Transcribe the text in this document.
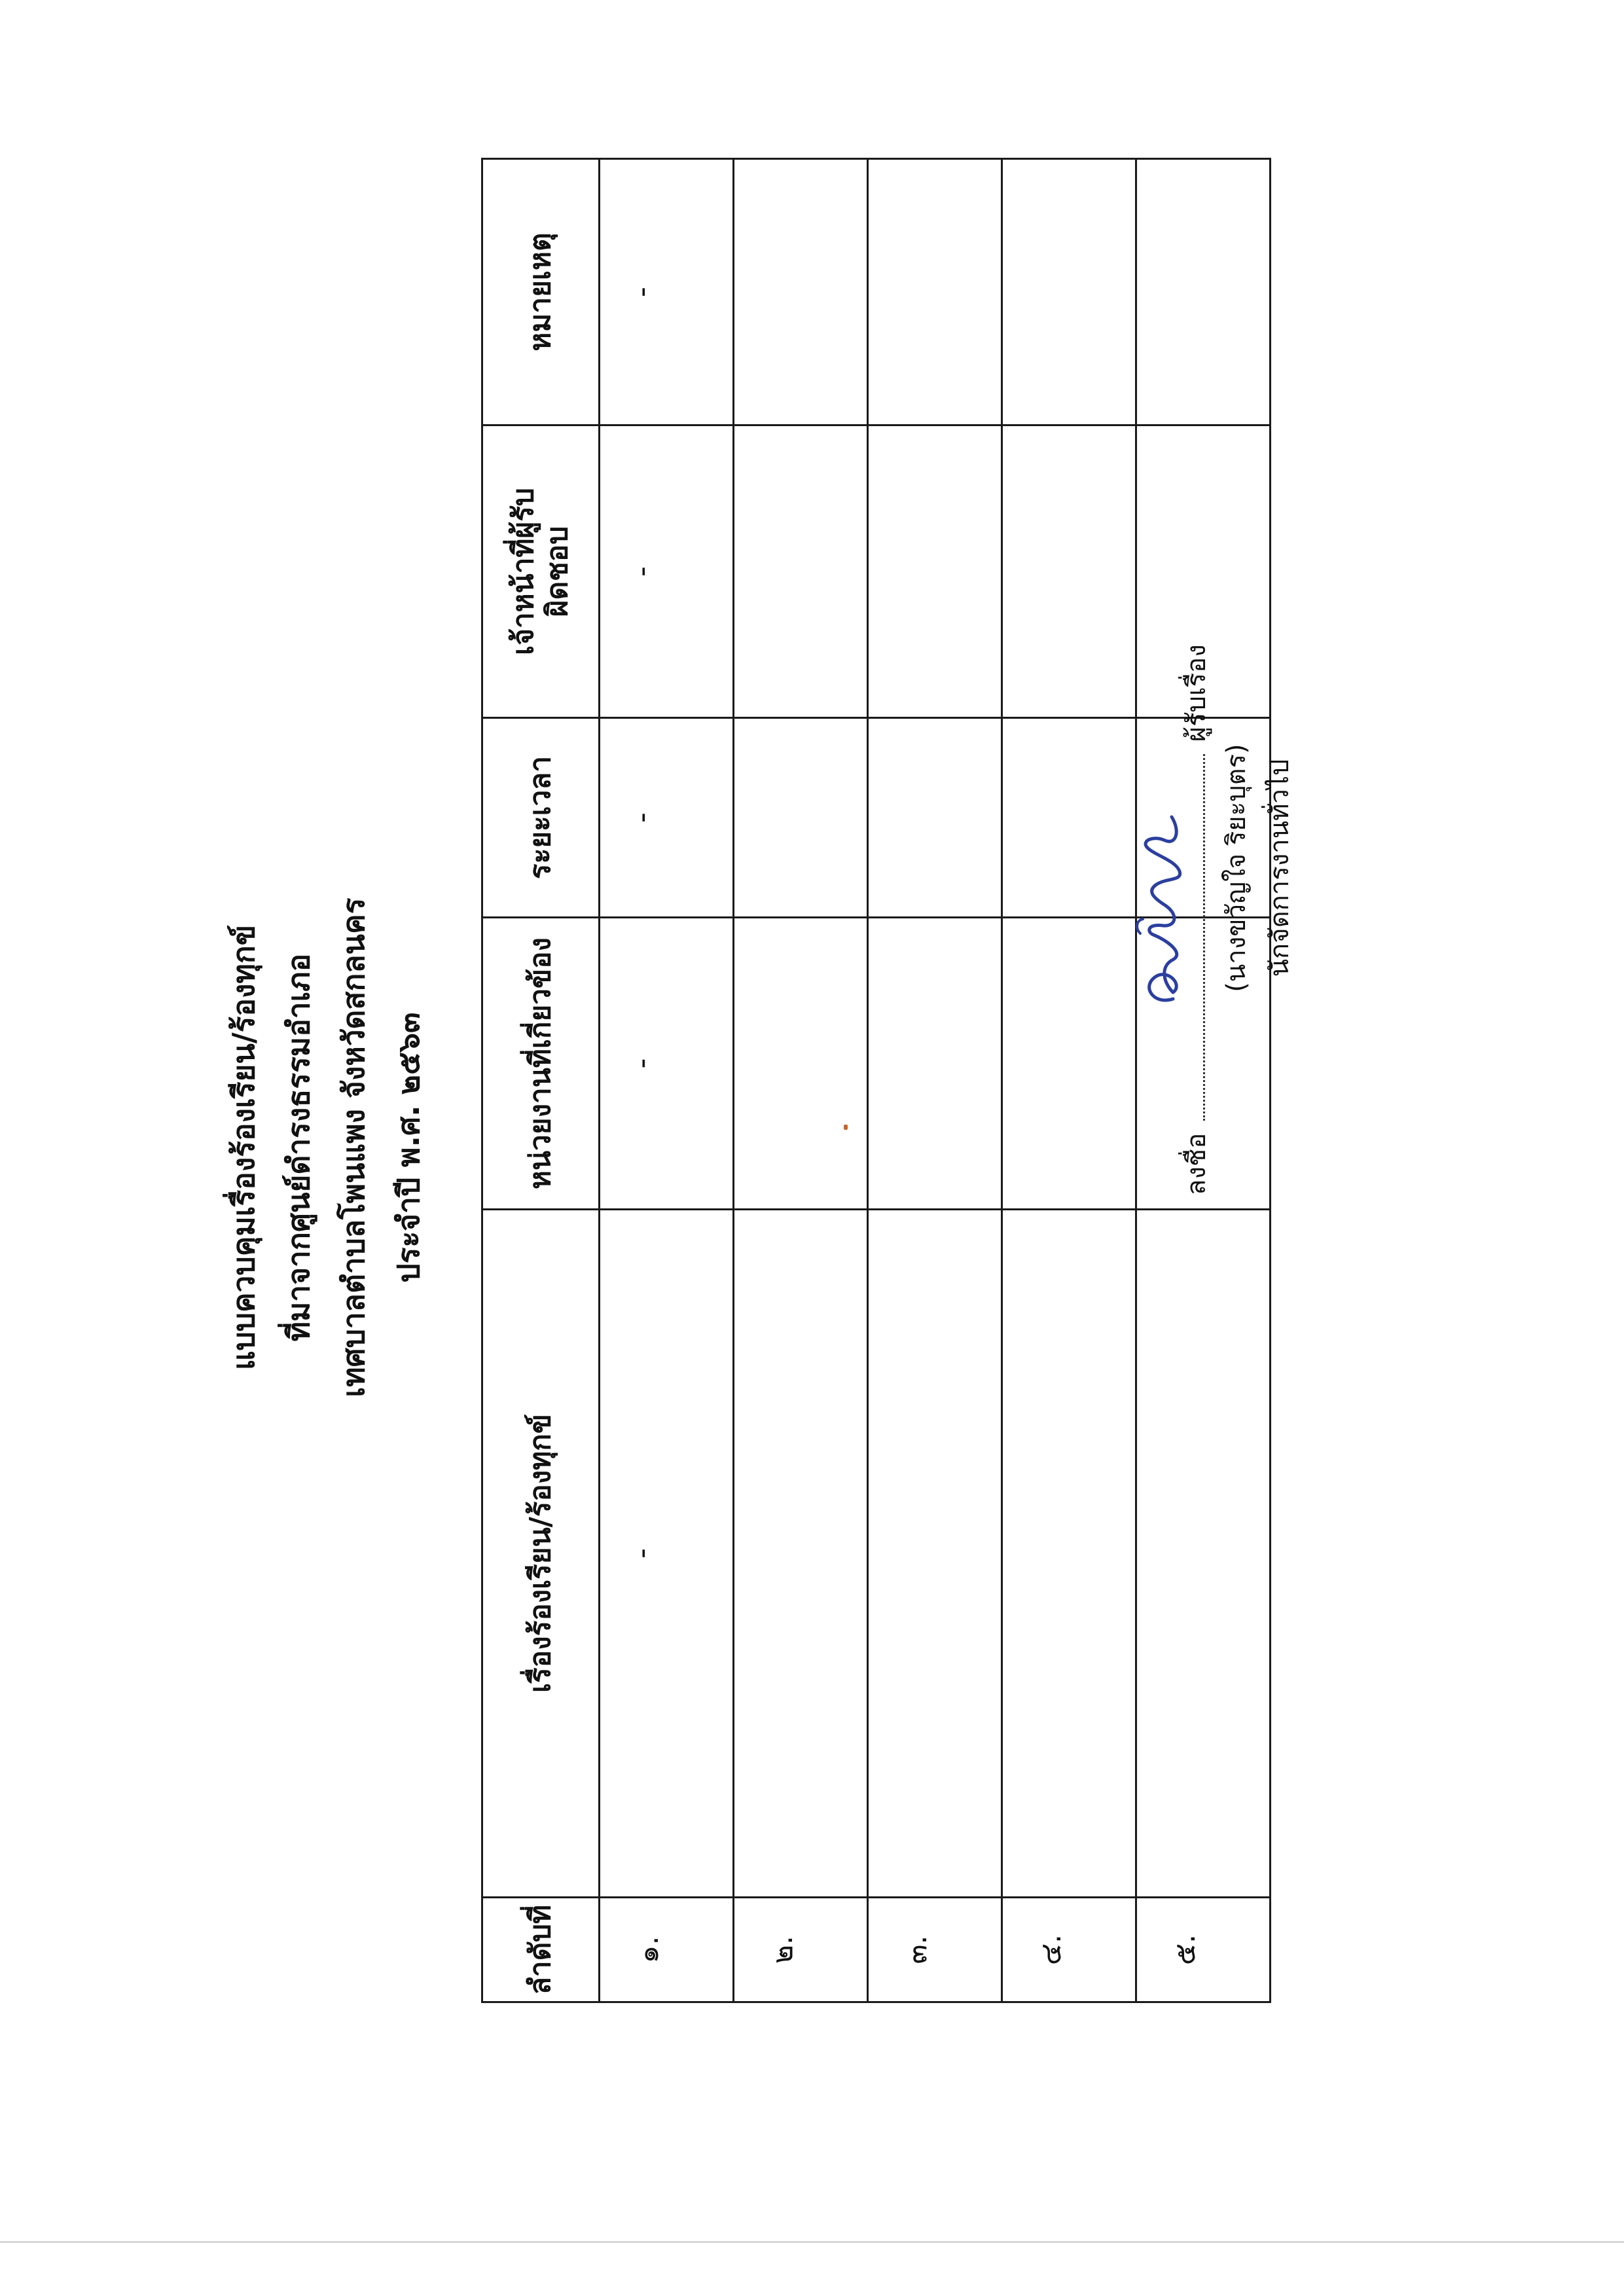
แบบควบคุมเรื่องร้องเรียน/ร้องทุกข์ ที่มาจากศูนย์ดำรงธรรมอำเภอ เทศบาลตำบลโพนแพง จังหวัดสกลนคร ประจำปี พ.ศ. ๒๕๖๓
ลำดับที่	เรื่องร้องเรียน/ร้องทุกข์	หน่วยงานที่เกี่ยวข้อง	ระยะเวลา	เจ้าหน้าที่ผู้รับผิดชอบ	หมายเหตุ
๑.	-	-	-	-	-
๒.					
๓.					
๔.					
๕.					
ลงชื่อ  ผู้รับเรื่อง
(นางขวัญใจ ริยะบุตร) นักจัดการงานทั่วไป
